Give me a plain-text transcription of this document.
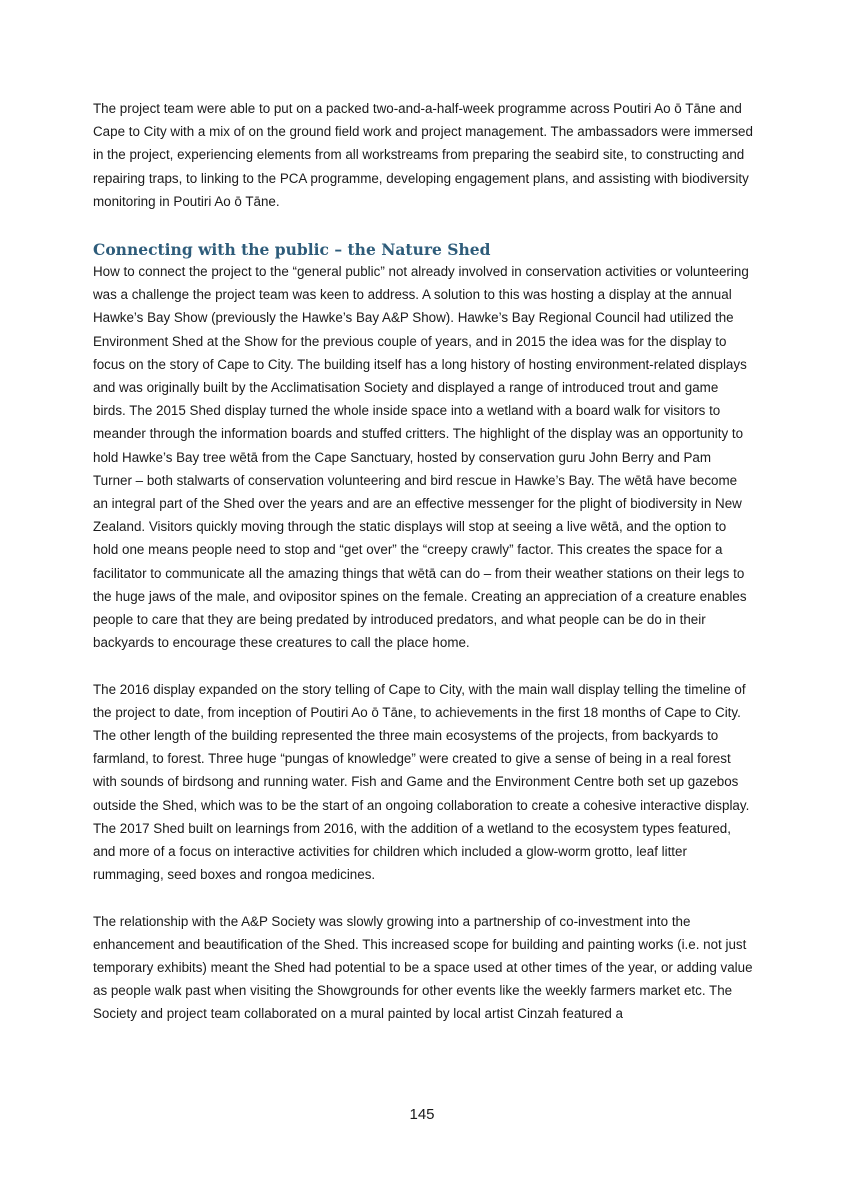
The project team were able to put on a packed two-and-a-half-week programme across Poutiri Ao ō Tāne and Cape to City with a mix of on the ground field work and project management. The ambassadors were immersed in the project, experiencing elements from all workstreams from preparing the seabird site, to constructing and repairing traps, to linking to the PCA programme, developing engagement plans, and assisting with biodiversity monitoring in Poutiri Ao ō Tāne.

Connecting with the public – the Nature Shed

How to connect the project to the “general public” not already involved in conservation activities or volunteering was a challenge the project team was keen to address. A solution to this was hosting a display at the annual Hawke’s Bay Show (previously the Hawke’s Bay A&P Show). Hawke’s Bay Regional Council had utilized the Environment Shed at the Show for the previous couple of years, and in 2015 the idea was for the display to focus on the story of Cape to City. The building itself has a long history of hosting environment-related displays and was originally built by the Acclimatisation Society and displayed a range of introduced trout and game birds. The 2015 Shed display turned the whole inside space into a wetland with a board walk for visitors to meander through the information boards and stuffed critters. The highlight of the display was an opportunity to hold Hawke’s Bay tree wētā from the Cape Sanctuary, hosted by conservation guru John Berry and Pam Turner – both stalwarts of conservation volunteering and bird rescue in Hawke’s Bay. The wētā have become an integral part of the Shed over the years and are an effective messenger for the plight of biodiversity in New Zealand. Visitors quickly moving through the static displays will stop at seeing a live wētā, and the option to hold one means people need to stop and “get over” the “creepy crawly” factor. This creates the space for a facilitator to communicate all the amazing things that wētā can do – from their weather stations on their legs to the huge jaws of the male, and ovipositor spines on the female. Creating an appreciation of a creature enables people to care that they are being predated by introduced predators, and what people can be do in their backyards to encourage these creatures to call the place home.

The 2016 display expanded on the story telling of Cape to City, with the main wall display telling the timeline of the project to date, from inception of Poutiri Ao ō Tāne, to achievements in the first 18 months of Cape to City. The other length of the building represented the three main ecosystems of the projects, from backyards to farmland, to forest. Three huge “pungas of knowledge” were created to give a sense of being in a real forest with sounds of birdsong and running water. Fish and Game and the Environment Centre both set up gazebos outside the Shed, which was to be the start of an ongoing collaboration to create a cohesive interactive display. The 2017 Shed built on learnings from 2016, with the addition of a wetland to the ecosystem types featured, and more of a focus on interactive activities for children which included a glow-worm grotto, leaf litter rummaging, seed boxes and rongoa medicines.

The relationship with the A&P Society was slowly growing into a partnership of co-investment into the enhancement and beautification of the Shed. This increased scope for building and painting works (i.e. not just temporary exhibits) meant the Shed had potential to be a space used at other times of the year, or adding value as people walk past when visiting the Showgrounds for other events like the weekly farmers market etc. The Society and project team collaborated on a mural painted by local artist Cinzah featured a

145
